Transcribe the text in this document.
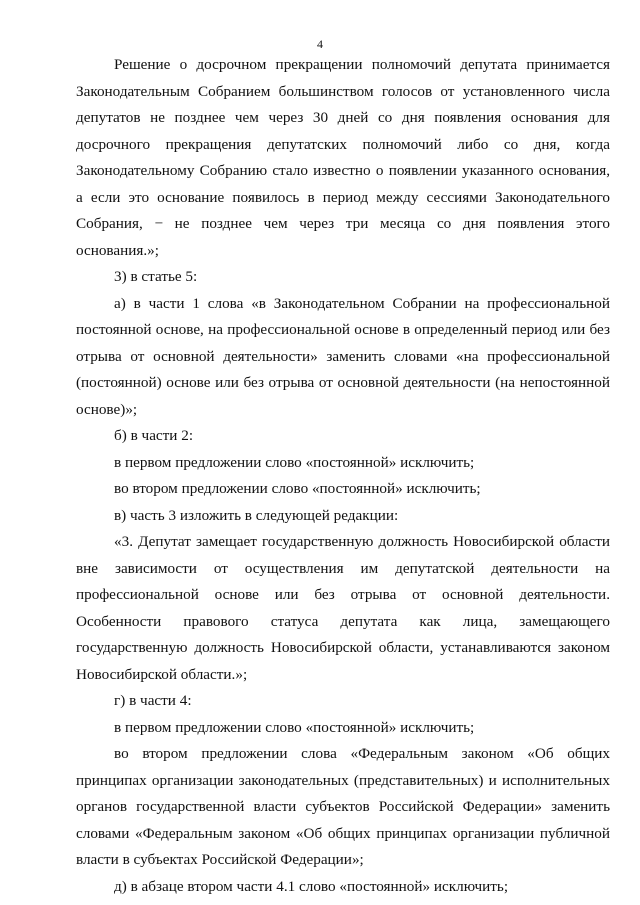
4

Решение о досрочном прекращении полномочий депутата принимается Законодательным Собранием большинством голосов от установленного числа депутатов не позднее чем через 30 дней со дня появления основания для досрочного прекращения депутатских полномочий либо со дня, когда Законодательному Собранию стало известно о появлении указанного основания, а если это основание появилось в период между сессиями Законодательного Собрания, − не позднее чем через три месяца со дня появления этого основания.»;

3) в статье 5:

а) в части 1 слова «в Законодательном Собрании на профессиональной постоянной основе, на профессиональной основе в определенный период или без отрыва от основной деятельности» заменить словами «на профессиональной (постоянной) основе или без отрыва от основной деятельности (на непостоянной основе)»;

б) в части 2:

в первом предложении слово «постоянной» исключить;

во втором предложении слово «постоянной» исключить;

в) часть 3 изложить в следующей редакции:

«3. Депутат замещает государственную должность Новосибирской области вне зависимости от осуществления им депутатской деятельности на профессиональной основе или без отрыва от основной деятельности. Особенности правового статуса депутата как лица, замещающего государственную должность Новосибирской области, устанавливаются законом Новосибирской области.»;

г) в части 4:

в первом предложении слово «постоянной» исключить;

во втором предложении слова «Федеральным законом «Об общих принципах организации законодательных (представительных) и исполнительных органов государственной власти субъектов Российской Федерации» заменить словами «Федеральным законом «Об общих принципах организации публичной власти в субъектах Российской Федерации»;

д) в абзаце втором части 4.1 слово «постоянной» исключить;
